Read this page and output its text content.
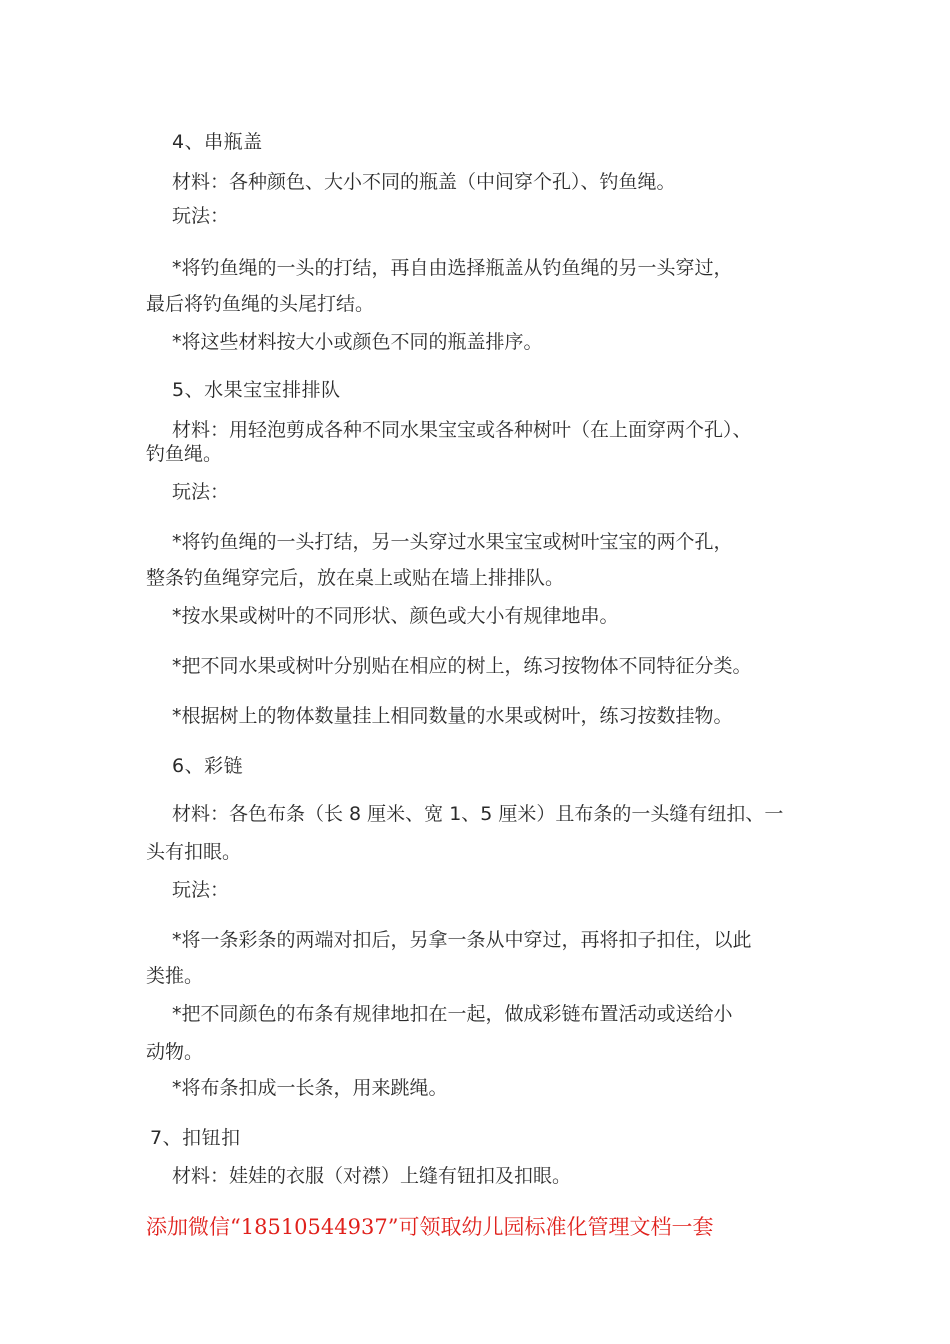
4、串瓶盖
材料：各种颜色、大小不同的瓶盖（中间穿个孔）、钓鱼绳。
玩法：
*将钓鱼绳的一头的打结，再自由选择瓶盖从钓鱼绳的另一头穿过，
最后将钓鱼绳的头尾打结。
*将这些材料按大小或颜色不同的瓶盖排序。
5、水果宝宝排排队
材料：用轻泡剪成各种不同水果宝宝或各种树叶（在上面穿两个孔）、
钓鱼绳。
玩法：
*将钓鱼绳的一头打结，另一头穿过水果宝宝或树叶宝宝的两个孔，
整条钓鱼绳穿完后，放在桌上或贴在墙上排排队。
*按水果或树叶的不同形状、颜色或大小有规律地串。
*把不同水果或树叶分别贴在相应的树上，练习按物体不同特征分类。
*根据树上的物体数量挂上相同数量的水果或树叶，练习按数挂物。
6、彩链
材料：各色布条（长 8 厘米、宽 1、5 厘米）且布条的一头缝有纽扣、一
头有扣眼。
玩法：
*将一条彩条的两端对扣后，另拿一条从中穿过，再将扣子扣住，以此
类推。
*把不同颜色的布条有规律地扣在一起，做成彩链布置活动或送给小
动物。
*将布条扣成一长条，用来跳绳。
7、扣钮扣
材料：娃娃的衣服（对襟）上缝有钮扣及扣眼。
添加微信“18510544937”可领取幼儿园标准化管理文档一套
